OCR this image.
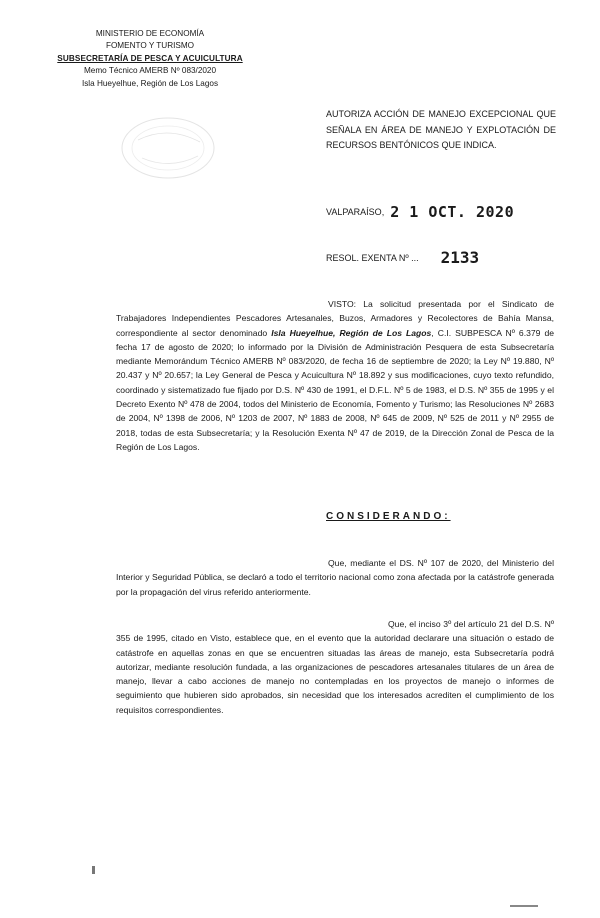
MINISTERIO DE ECONOMÍA
FOMENTO Y TURISMO
SUBSECRETARÍA DE PESCA Y ACUICULTURA
Memo Técnico AMERB Nº 083/2020
Isla Hueyelhue, Región de Los Lagos
AUTORIZA ACCIÓN DE MANEJO EXCEPCIONAL QUE SEÑALA EN ÁREA DE MANEJO Y EXPLOTACIÓN DE RECURSOS BENTÓNICOS QUE INDICA.
VALPARAÍSO, 2 1 OCT. 2020
RESOL. EXENTA Nº ... 2133
VISTO: La solicitud presentada por el Sindicato de Trabajadores Independientes Pescadores Artesanales, Buzos, Armadores y Recolectores de Bahía Mansa, correspondiente al sector denominado Isla Hueyelhue, Región de Los Lagos, C.I. SUBPESCA Nº 6.379 de fecha 17 de agosto de 2020; lo informado por la División de Administración Pesquera de esta Subsecretaría mediante Memorándum Técnico AMERB Nº 083/2020, de fecha 16 de septiembre de 2020; la Ley Nº 19.880, Nº 20.437 y Nº 20.657; la Ley General de Pesca y Acuicultura Nº 18.892 y sus modificaciones, cuyo texto refundido, coordinado y sistematizado fue fijado por D.S. Nº 430 de 1991, el D.F.L. Nº 5 de 1983, el D.S. Nº 355 de 1995 y el Decreto Exento Nº 478 de 2004, todos del Ministerio de Economía, Fomento y Turismo; las Resoluciones Nº 2683 de 2004, Nº 1398 de 2006, Nº 1203 de 2007, Nº 1883 de 2008, Nº 645 de 2009, Nº 525 de 2011 y Nº 2955 de 2018, todas de esta Subsecretaría; y la Resolución Exenta Nº 47 de 2019, de la Dirección Zonal de Pesca de la Región de Los Lagos.
CONSIDERANDO:
Que, mediante el DS. Nº 107 de 2020, del Ministerio del Interior y Seguridad Pública, se declaró a todo el territorio nacional como zona afectada por la catástrofe generada por la propagación del virus referido anteriormente.
Que, el inciso 3º del artículo 21 del D.S. Nº 355 de 1995, citado en Visto, establece que, en el evento que la autoridad declarare una situación o estado de catástrofe en aquellas zonas en que se encuentren situadas las áreas de manejo, esta Subsecretaría podrá autorizar, mediante resolución fundada, a las organizaciones de pescadores artesanales titulares de un área de manejo, llevar a cabo acciones de manejo no contempladas en los proyectos de manejo o informes de seguimiento que hubieren sido aprobados, sin necesidad que los interesados acrediten el cumplimiento de los requisitos correspondientes.
